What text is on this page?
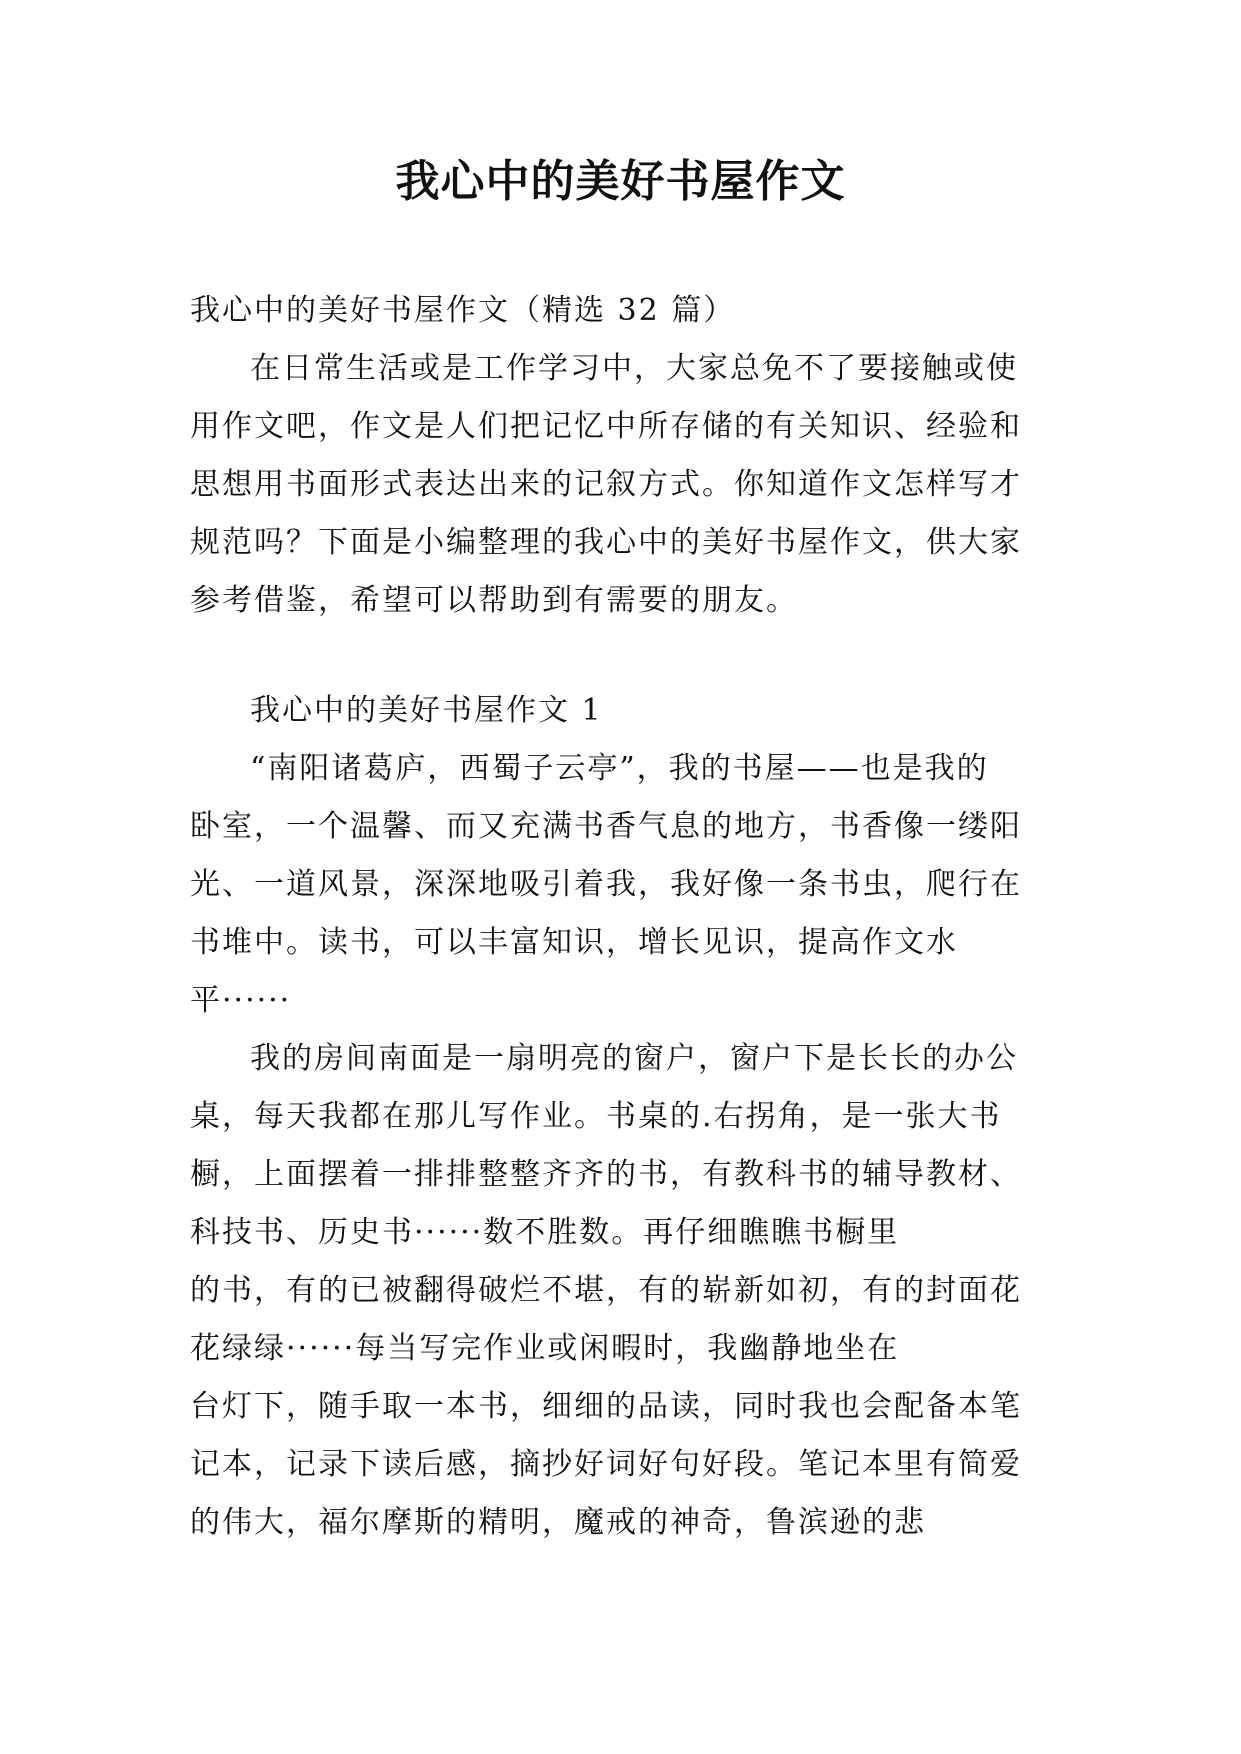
我心中的美好书屋作文

我心中的美好书屋作文（精选 32 篇）

在日常生活或是工作学习中，大家总免不了要接触或使

用作文吧，作文是人们把记忆中所存储的有关知识、经验和

思想用书面形式表达出来的记叙方式。你知道作文怎样写才

规范吗？下面是小编整理的我心中的美好书屋作文，供大家

参考借鉴，希望可以帮助到有需要的朋友。

我心中的美好书屋作文 1

“南阳诸葛庐，西蜀子云亭”，我的书屋——也是我的

卧室，一个温馨、而又充满书香气息的地方，书香像一缕阳

光、一道风景，深深地吸引着我，我好像一条书虫，爬行在

书堆中。读书，可以丰富知识，增长见识，提高作文水

平······

我的房间南面是一扇明亮的窗户，窗户下是长长的办公

桌，每天我都在那儿写作业。书桌的.右拐角，是一张大书

橱，上面摆着一排排整整齐齐的书，有教科书的辅导教材、

科技书、历史书······数不胜数。再仔细瞧瞧书橱里

的书，有的已被翻得破烂不堪，有的崭新如初，有的封面花

花绿绿······每当写完作业或闲暇时，我幽静地坐在

台灯下，随手取一本书，细细的品读，同时我也会配备本笔

记本，记录下读后感，摘抄好词好句好段。笔记本里有简爱

的伟大，福尔摩斯的精明，魔戒的神奇，鲁滨逊的悲
